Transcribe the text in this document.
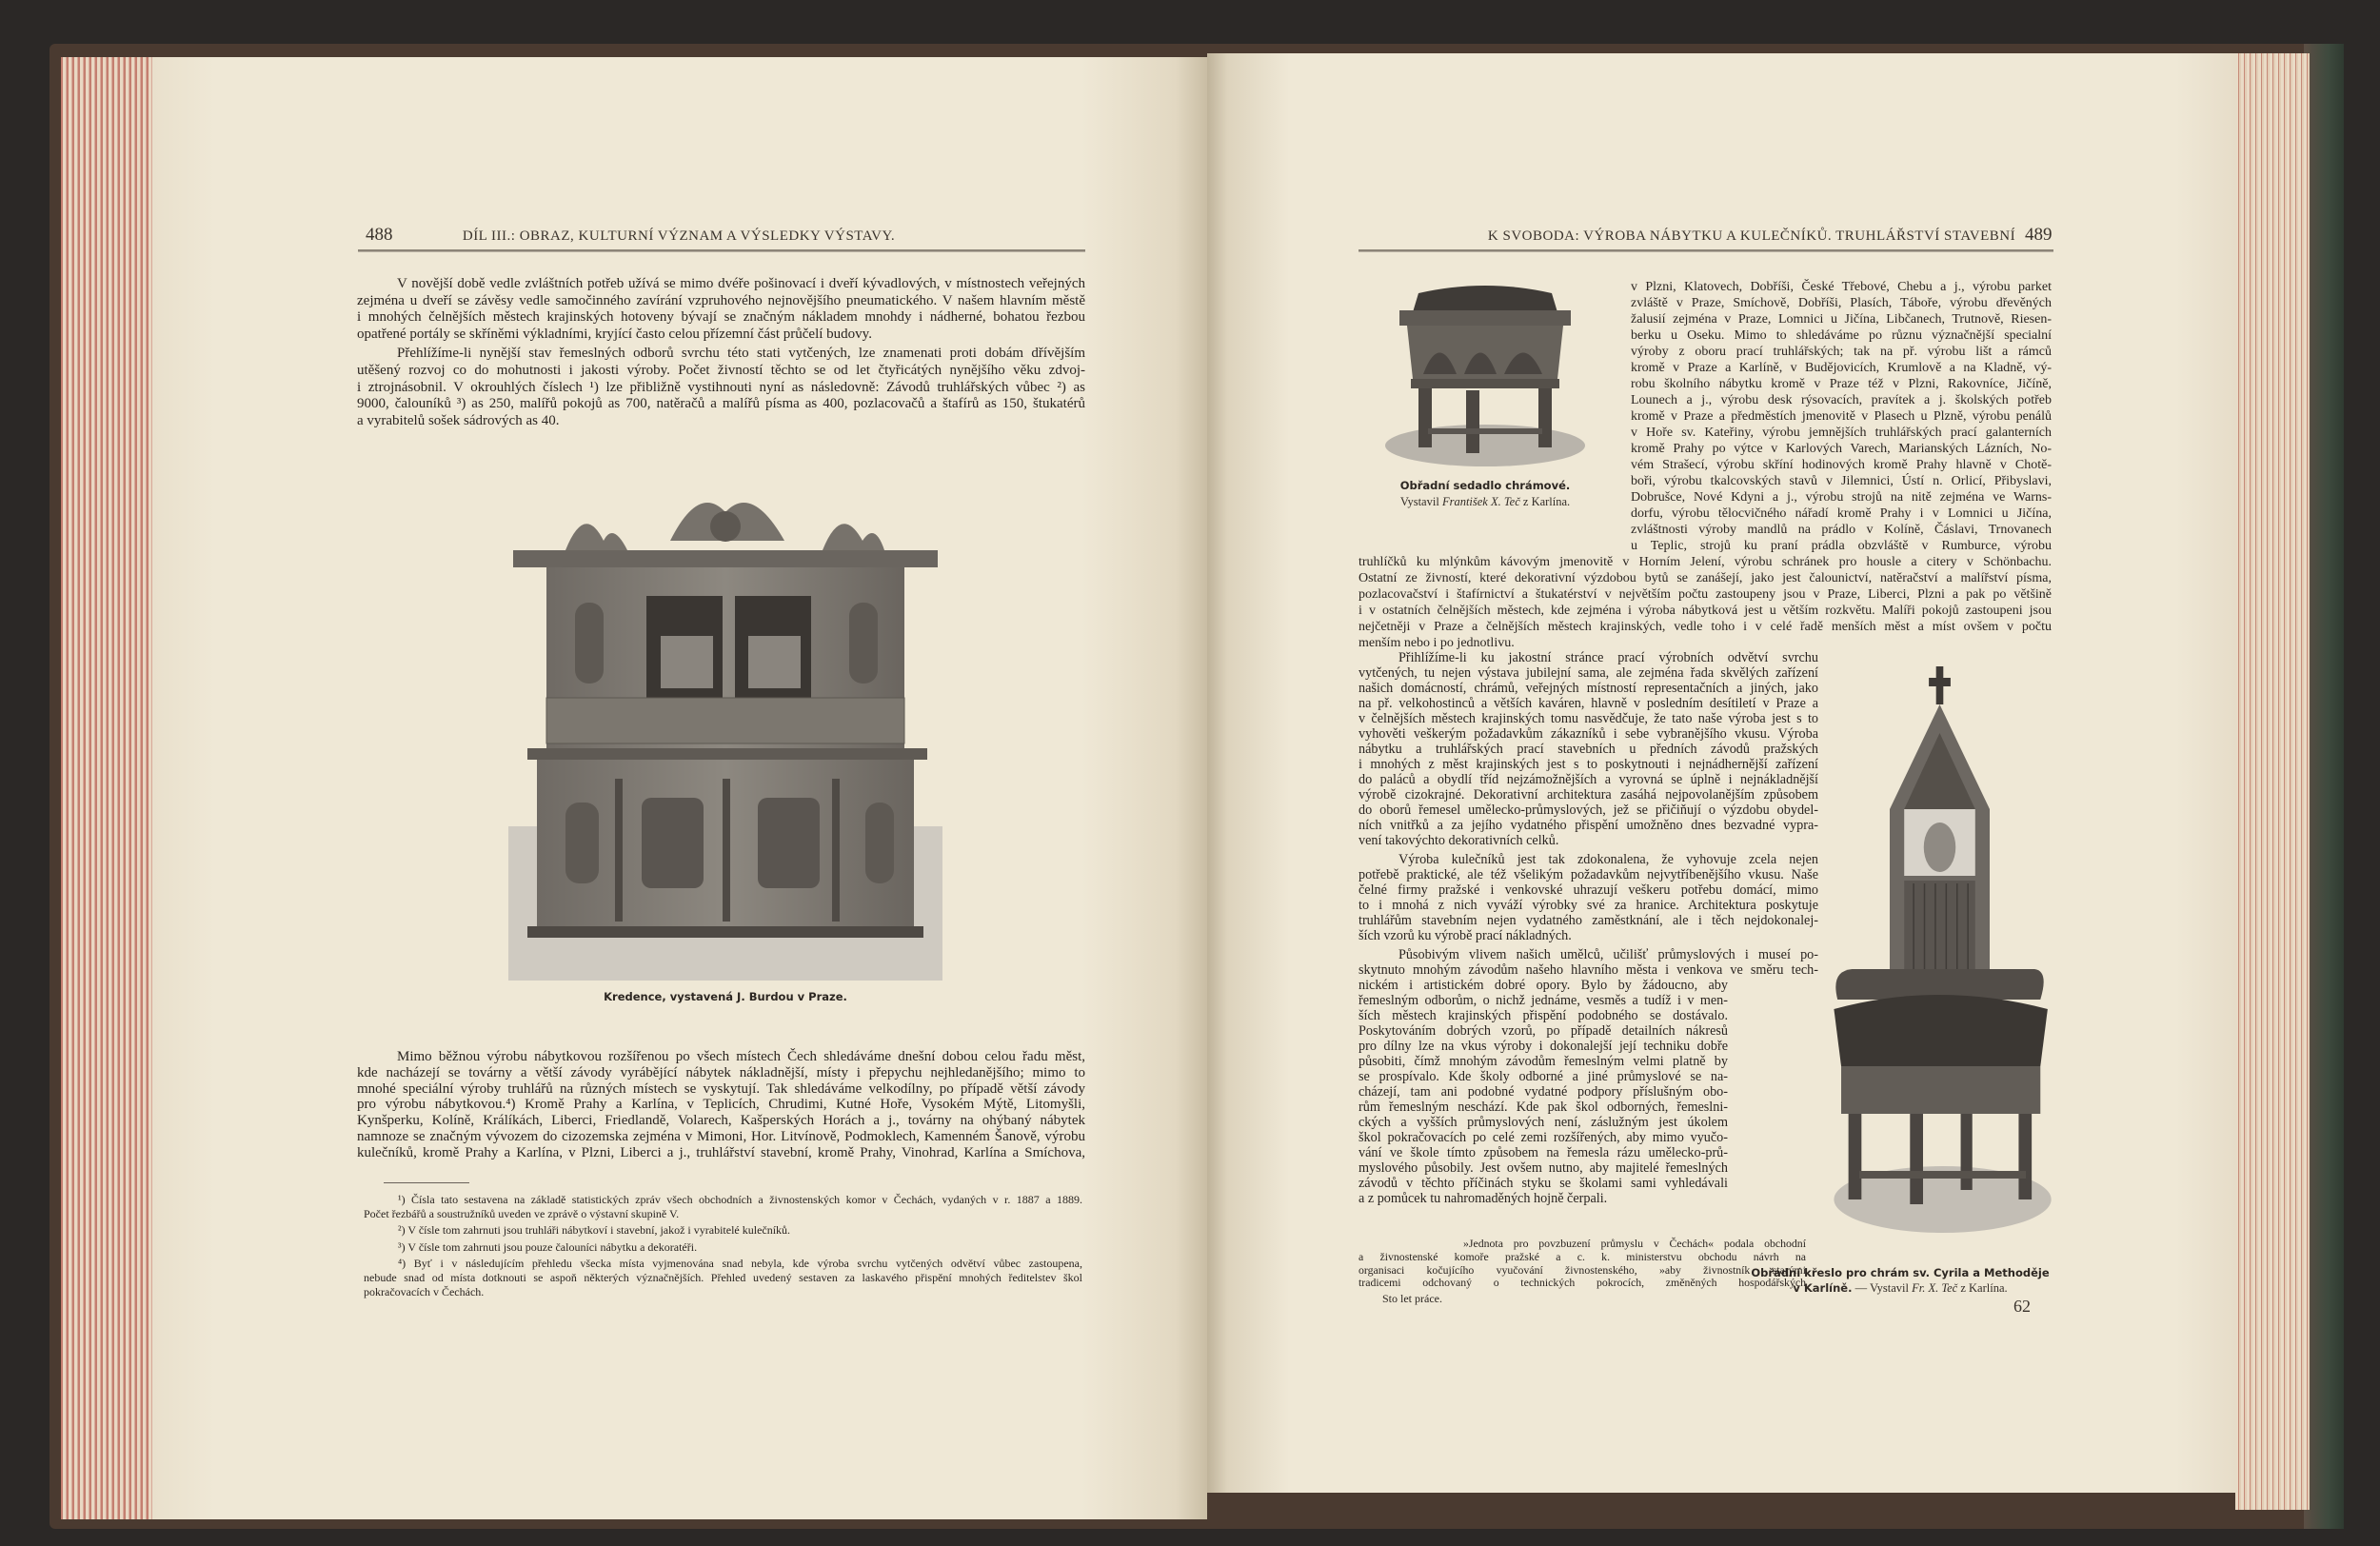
488	DÍL III.: OBRAZ, KULTURNÍ VÝZNAM A VÝSLEDKY VÝSTAVY.
V novější době vedle zvláštních potřeb užívá se mimo dvéře pošinovací i dveří kývadlových, v místnostech veřejných
zejména u dveří se závěsy vedle samočinného zavírání vzpruhového nejnovějšího pneumatického. V našem hlavním městě
i mnohých čelnějších městech krajinských hotoveny bývají se značným nákladem mnohdy i nádherné, bohatou řezbou
opatřené portály se skříněmi výkladními, kryjící často celou přízemní část průčelí budovy.
Přehlížíme-li nynější stav řemeslných odborů svrchu této stati vytčených, lze znamenati proti dobám dřívějším
utěšený rozvoj co do mohutnosti i jakosti výroby. Počet živností těchto se od let čtyřicátých nynějšího věku zdvoj-
i ztrojnásobnil. V okrouhlých číslech ¹) lze přibližně vystihnouti nyní as následovně: Závodů truhlářských vůbec ²) as
9000, čalouníků ³) as 250, malířů pokojů as 700, natěračů a malířů písma as 400, pozlacovačů a štafírů as 150, štukatérů
a vyrabitelů sošek sádrových as 40.
Kredence, vystavená J. Burdou v Praze.
Mimo běžnou výrobu nábytkovou rozšířenou po všech místech Čech shledáváme dnešní dobou celou řadu měst,
kde nacházejí se továrny a větší závody vyrábějící nábytek nákladnější, místy i přepychu nejhledanějšího; mimo to
mnohé speciální výroby truhlářů na různých místech se vyskytují. Tak shledáváme velkodílny, po případě větší závody
pro výrobu nábytkovou.⁴) Kromě Prahy a Karlína, v Teplicích, Chrudimi, Kutné Hoře, Vysokém Mýtě, Litomyšli,
Kynšperku, Kolíně, Králíkách, Liberci, Friedlandě, Volarech, Kašperských Horách a j., továrny na ohýbaný nábytek
namnoze se značným vývozem do cizozemska zejména v Mimoni, Hor. Litvínově, Podmoklech, Kamenném Šanově, výrobu
kulečníků, kromě Prahy a Karlína, v Plzni, Liberci a j., truhlářství stavební, kromě Prahy, Vinohrad, Karlína a Smíchova,
¹) Čísla tato sestavena na základě statistických zpráv všech obchodních a živnostenských komor v Čechách, vydaných v r. 1887 a 1889.
Počet řezbářů a soustružníků uveden ve zprávě o výstavní skupině V.
²) V čísle tom zahrnuti jsou truhláři nábytkoví i stavební, jakož i vyrabitelé kulečníků.
³) V čísle tom zahrnuti jsou pouze čalouníci nábytku a dekoratéři.
⁴) Byť i v následujícím přehledu všecka místa vyjmenována snad nebyla, kde výroba svrchu vytčených odvětví vůbec zastoupena,
nebude snad od místa dotknouti se aspoň některých význačnějších. Přehled uvedený sestaven za laskavého přispění mnohých ředitelstev škol
pokračovacích v Čechách.
K SVOBODA: VÝROBA NÁBYTKU A KULEČNÍKŮ. TRUHLÁŘSTVÍ STAVEBNÍ 489
Obřadní sedadlo chrámové.
Vystavil František X. Teč z Karlína.
v Plzni, Klatovech, Dobříši, České Třebové, Chebu a j., výrobu parket
zvláště v Praze, Smíchově, Dobříši, Plasích, Táboře, výrobu dřevěných
žalusií zejména v Praze, Lomnici u Jičína, Libčanech, Trutnově, Riesen-
berku u Oseku. Mimo to shledáváme po různu význačnější specialní
výroby z oboru prací truhlářských; tak na př. výrobu lišt a rámců
kromě v Praze a Karlíně, v Budějovicích, Krumlově a na Kladně, vý-
robu školního nábytku kromě v Praze též v Plzni, Rakovníce, Jičíně,
Lounech a j., výrobu desk rýsovacích, pravítek a j. školských potřeb
kromě v Praze a předměstích jmenovitě v Plasech u Plzně, výrobu penálů
v Hoře sv. Kateřiny, výrobu jemnějších truhlářských prací galanterních
kromě Prahy po výtce v Karlových Varech, Marianských Lázních, No-
vém Strašecí, výrobu skříní hodinových kromě Prahy hlavně v Chotě-
boři, výrobu tkalcovských stavů v Jilemnici, Ústí n. Orlicí, Přibyslavi,
Dobrušce, Nové Kdyni a j., výrobu strojů na nitě zejména ve Warns-
dorfu, výrobu tělocvičného nářadí kromě Prahy i v Lomnici u Jičína,
zvláštnosti výroby mandlů na prádlo v Kolíně, Čáslavi, Trnovanech
u Teplic, strojů ku praní prádla obzvláště v Rumburce, výrobu
truhlíčků ku mlýnkům kávovým jmenovitě v Horním Jelení, výrobu schránek pro housle a citery v Schönbachu.
Ostatní ze živností, které dekorativní výzdobou bytů se zanášejí, jako jest čalounictví, natěračství a malířství písma,
pozlacovačství i štafírnictví a štukatérství v největším počtu zastoupeny jsou v Praze, Liberci, Plzni a pak po většině
i v ostatních čelnějších městech, kde zejména i výroba nábytková jest u větším rozkvětu. Malíři pokojů zastoupeni jsou
nejčetněji v Praze a čelnějších městech krajinských, vedle toho i v celé řadě menších měst a míst ovšem v počtu
menším nebo i po jednotlivu.
Přihlížíme-li ku jakostní stránce prací výrobních odvětví svrchu
vytčených, tu nejen výstava jubilejní sama, ale zejména řada skvělých zařízení
našich domácností, chrámů, veřejných místností representačních a jiných, jako
na př. velkohostinců a větších kaváren, hlavně v posledním desítiletí v Praze a
v čelnějších městech krajinských tomu nasvědčuje, že tato naše výroba jest s to
vyhověti veškerým požadavkům zákazníků i sebe vybranějšího vkusu. Výroba
nábytku a truhlářských prací stavebních u předních závodů pražských
i mnohých z měst krajinských jest s to poskytnouti i nejnádhernější zařízení
do paláců a obydlí tříd nejzámožnějších a vyrovná se úplně i nejnákladnější
výrobě cizokrajné. Dekorativní architektura zasáhá nejpovolanějším způsobem
do oborů řemesel umělecko-průmyslových, jež se přičiňují o výzdobu obydel-
ních vnitřků a za jejího vydatného přispění umožněno dnes bezvadné vypra-
vení takovýchto dekorativních celků.
Výroba kulečníků jest tak zdokonalena, že vyhovuje zcela nejen
potřebě praktické, ale též všelikým požadavkům nejvytříbenějšího vkusu. Naše
čelné firmy pražské i venkovské uhrazují veškeru potřebu domácí, mimo
to i mnohá z nich vyváží výrobky své za hranice. Architektura poskytuje
truhlářům stavebním nejen vydatného zaměstknání, ale i těch nejdokonalej-
ších vzorů ku výrobě prací nákladných.
Působivým vlivem našich umělců, učilišť průmyslových i museí po-
skytnuto mnohým závodům našeho hlavního města i venkova ve směru tech-
nickém i artistickém dobré opory. Bylo by žádoucno, aby
řemeslným odborům, o nichž jednáme, vesměs a tudíž i v men-
ších městech krajinských přispění podobného se dostávalo.
Poskytováním dobrých vzorů, po případě detailních nákresů
pro dílny lze na vkus výroby i dokonalejší její techniku dobře
působiti, čímž mnohým závodům řemeslným velmi platně by
se prospívalo. Kde školy odborné a jiné průmyslové se na-
cházejí, tam ani podobné vydatné podpory příslušným obo-
rům řemeslným neschází. Kde pak škol odborných, řemeslni-
ckých a vyšších průmyslových není, záslužným jest úkolem
škol pokračovacích po celé zemi rozšířených, aby mimo vyučo-
vání ve škole tímto způsobem na řemesla rázu umělecko-prů-
myslového působily. Jest ovšem nutno, aby majitelé řemeslných
závodů v těchto příčinách styku se školami sami vyhledávali
a z pomůcek tu nahromaděných hojně čerpali.
»Jednota pro povzbuzení průmyslu v Čechách« podala obchodní
a živnostenské komoře pražské a c. k. ministerstvu obchodu návrh na
organisaci kočujícího vyučování živnostenského, »aby živnostník starými
tradicemi odchovaný o technických pokrocích, změněných hospodářských
Sto let práce.
Obřadní křeslo pro chrám sv. Cyrila a Methoděje
v Karlíně. — Vystavil Fr. X. Teč z Karlína.
62
